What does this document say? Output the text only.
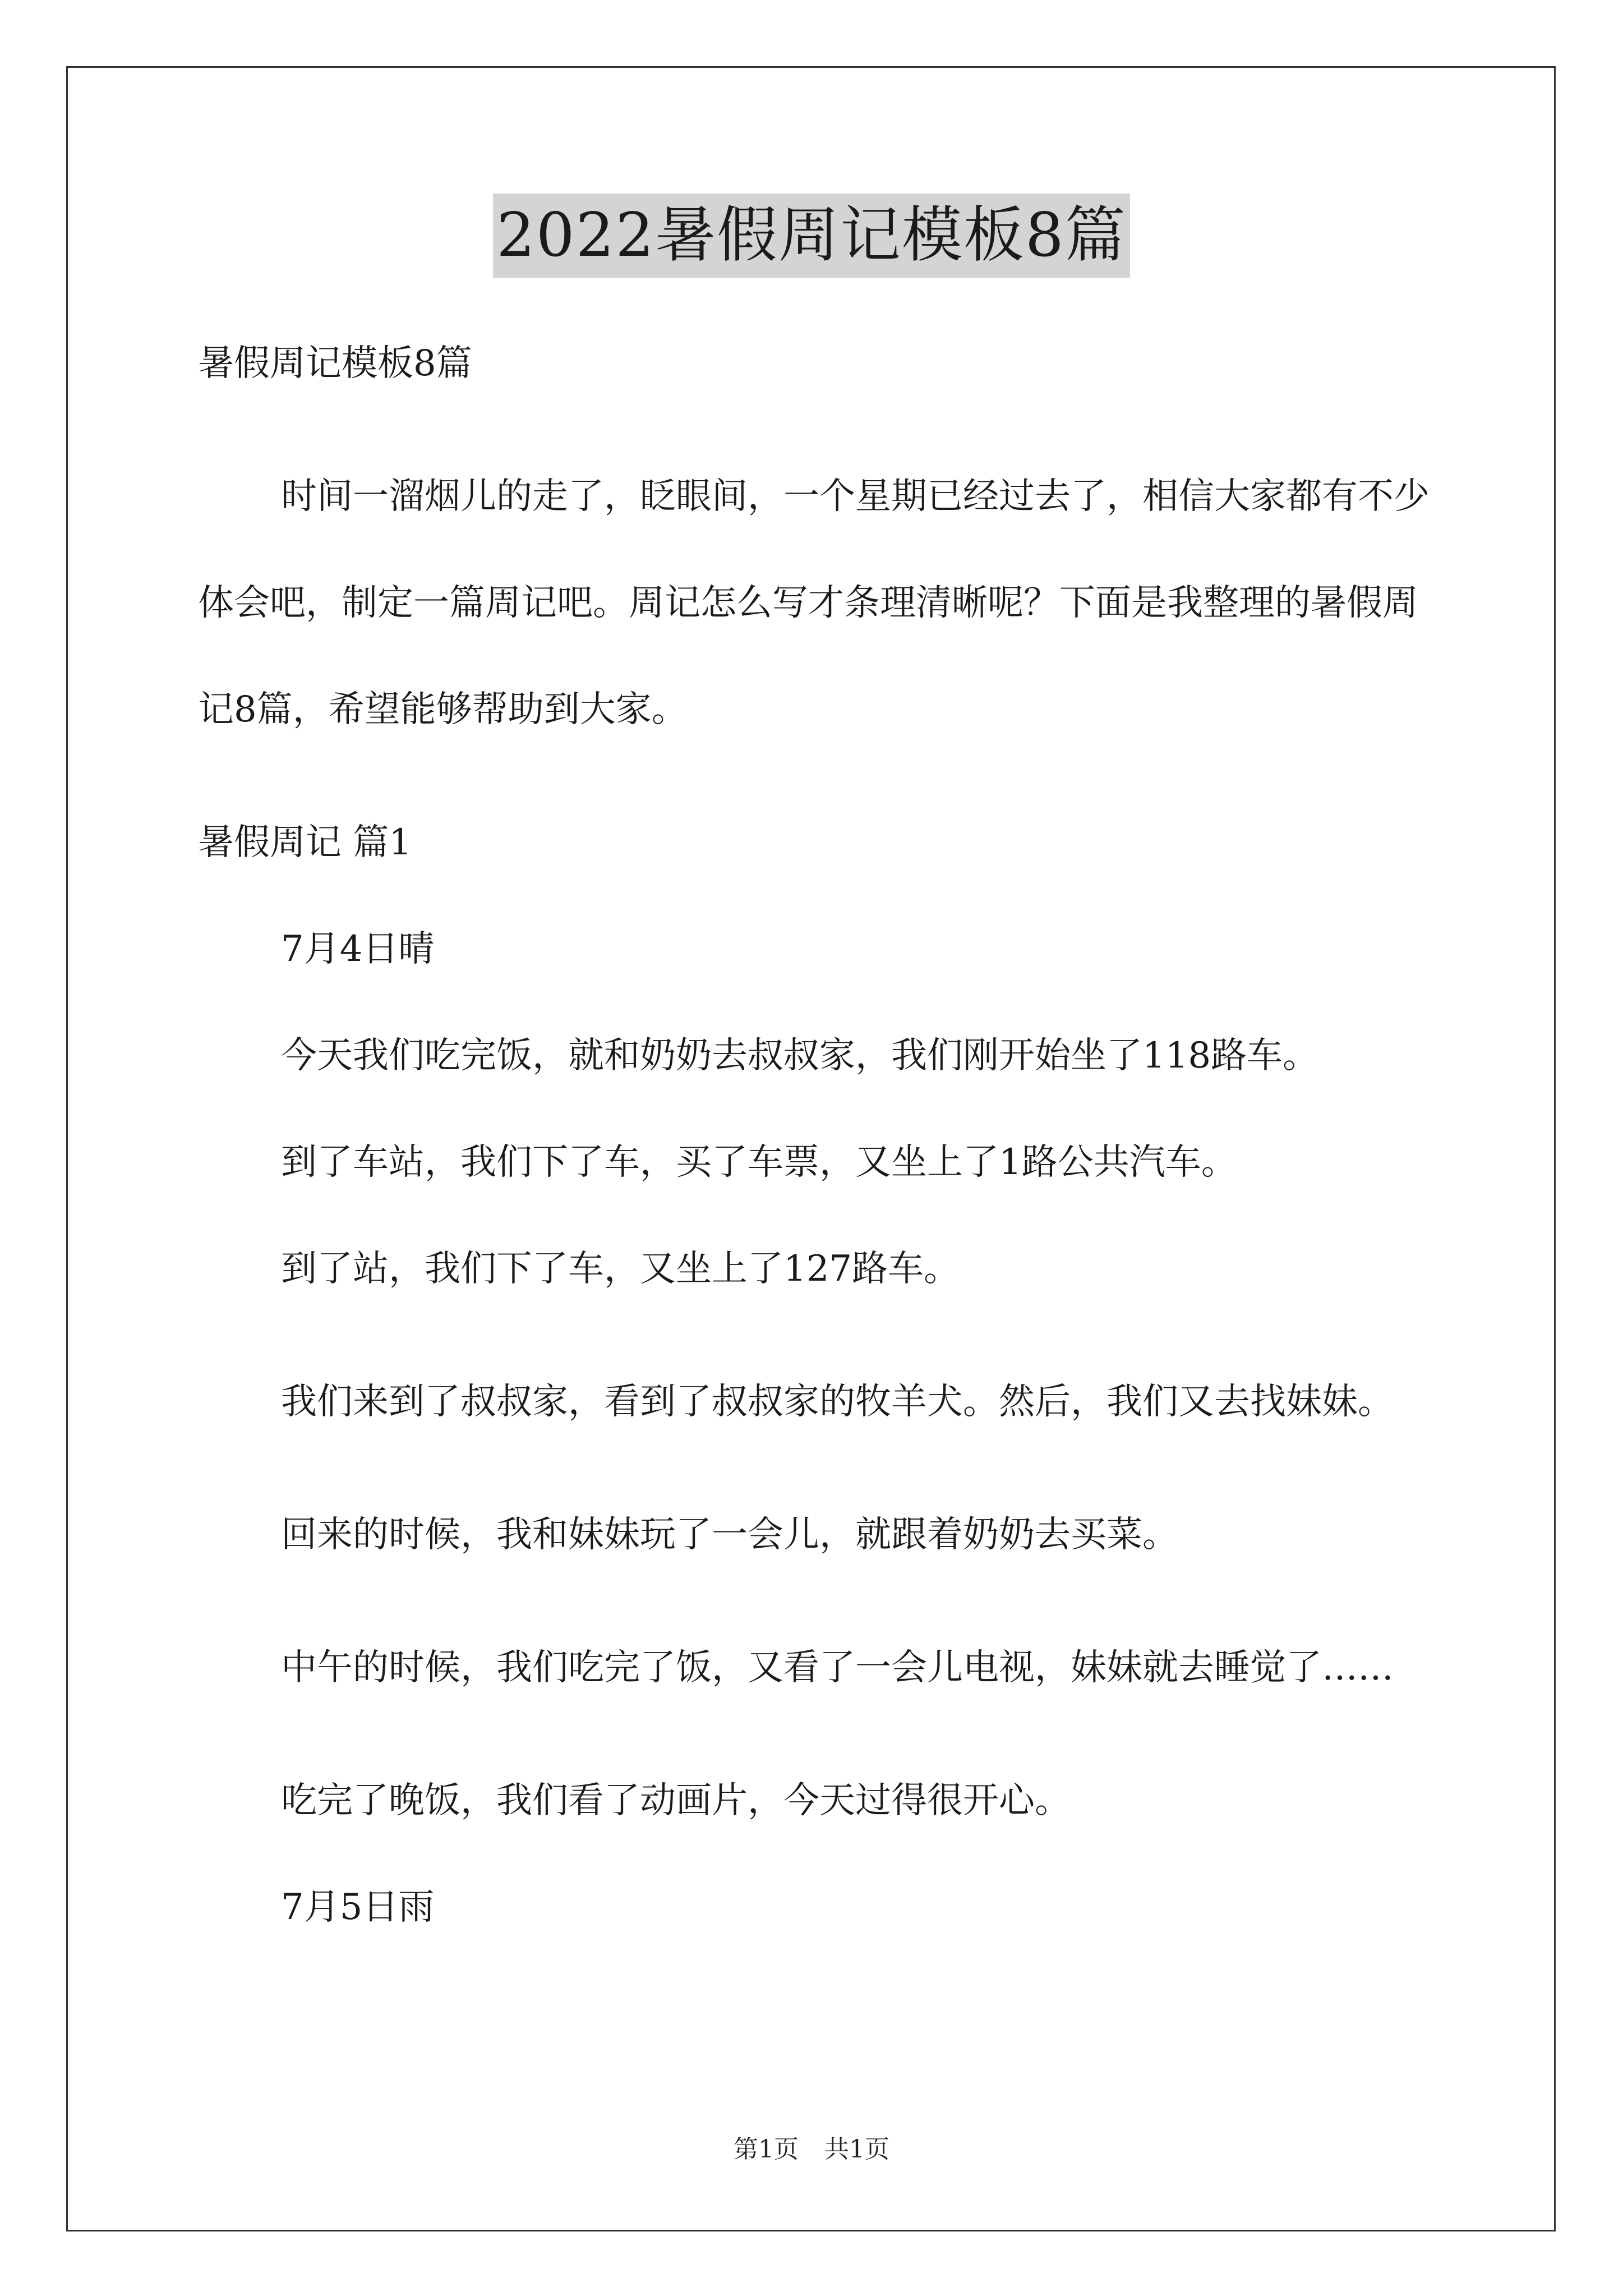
2022暑假周记模板8篇

暑假周记模板8篇

时间一溜烟儿的走了，眨眼间，一个星期已经过去了，相信大家都有不少体会吧，制定一篇周记吧。周记怎么写才条理清晰呢？下面是我整理的暑假周记8篇，希望能够帮助到大家。

暑假周记 篇1

7月4日晴

今天我们吃完饭，就和奶奶去叔叔家，我们刚开始坐了118路车。

到了车站，我们下了车，买了车票，又坐上了1路公共汽车。

到了站，我们下了车，又坐上了127路车。

我们来到了叔叔家，看到了叔叔家的牧羊犬。然后，我们又去找妹妹。

回来的时候，我和妹妹玩了一会儿，就跟着奶奶去买菜。

中午的时候，我们吃完了饭，又看了一会儿电视，妹妹就去睡觉了……

吃完了晚饭，我们看了动画片，今天过得很开心。

7月5日雨

第1页 共1页
